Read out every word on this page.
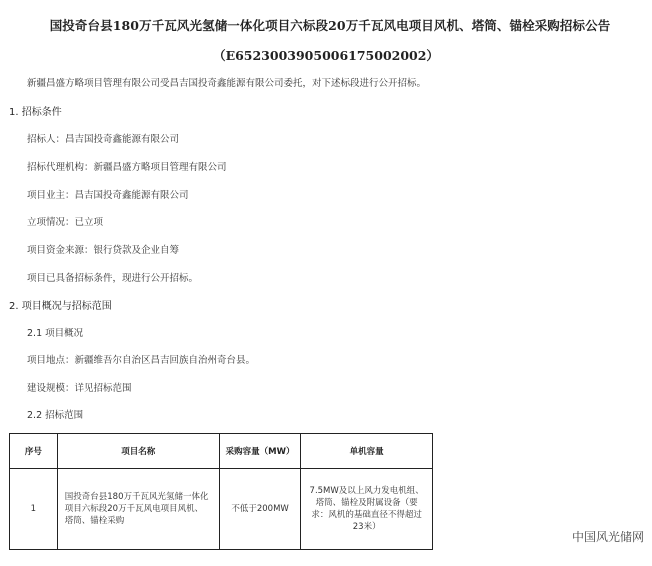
国投奇台县180万千瓦风光氢储一体化项目六标段20万千瓦风电项目风机、塔筒、锚栓采购招标公告
（E6523003905006175002002）
新疆昌盛方略项目管理有限公司受昌吉国投奇鑫能源有限公司委托，对下述标段进行公开招标。
1. 招标条件
招标人：昌吉国投奇鑫能源有限公司
招标代理机构：新疆昌盛方略项目管理有限公司
项目业主：昌吉国投奇鑫能源有限公司
立项情况：已立项
项目资金来源：银行贷款及企业自筹
项目已具备招标条件，现进行公开招标。
2. 项目概况与招标范围
2.1 项目概况
项目地点：新疆维吾尔自治区昌吉回族自治州奇台县。
建设规模：详见招标范围
2.2 招标范围
序号	项目名称	采购容量（MW）	单机容量
1	国投奇台县180万千瓦风光氢储一体化项目六标段20万千瓦风电项目风机、塔筒、锚栓采购	不低于200MW	7.5MW及以上风力发电机组、塔筒、锚栓及附属设备（要求：风机的基础直径不得超过23米）
中国风光储网
